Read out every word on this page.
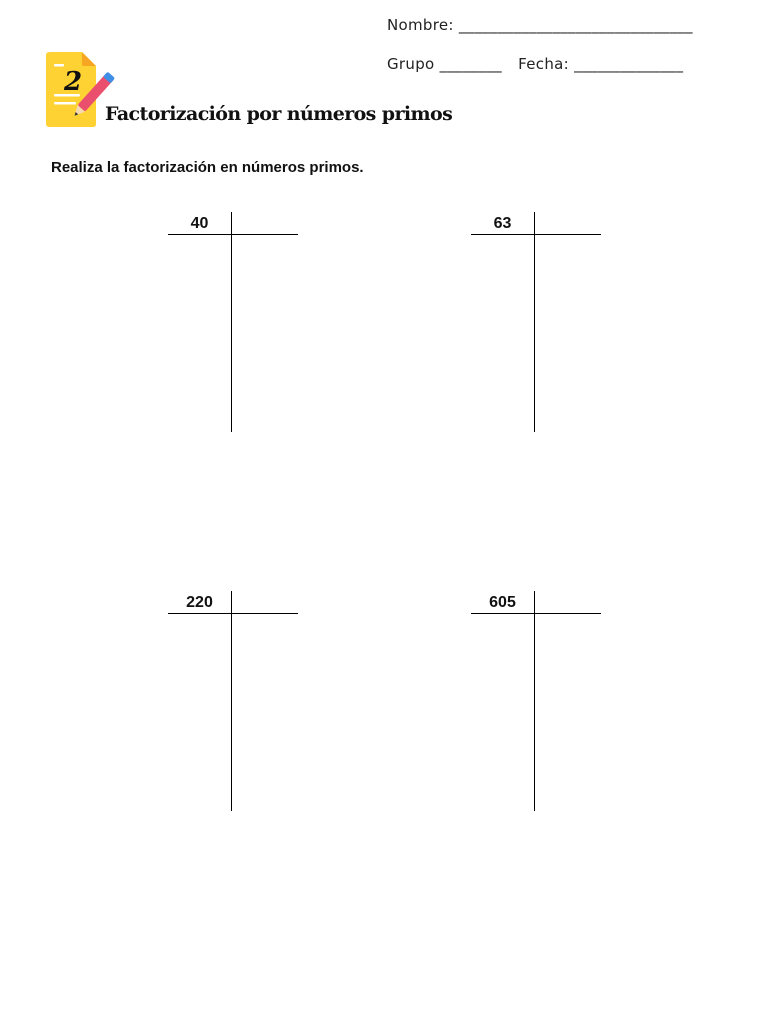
Nombre: ______________________________
Grupo ________ Fecha: ______________
2
Factorización por números primos
Realiza la factorización en números primos.
40	63
220	605
